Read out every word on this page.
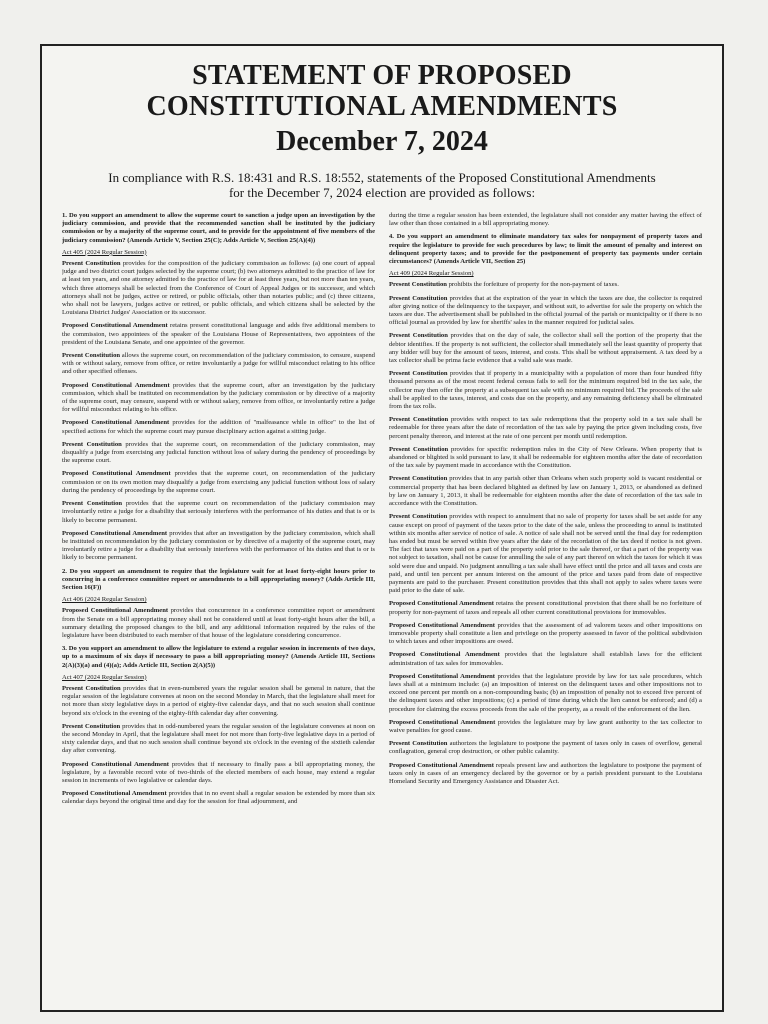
STATEMENT OF PROPOSED
CONSTITUTIONAL AMENDMENTS
December 7, 2024
In compliance with R.S. 18:431 and R.S. 18:552, statements of the Proposed Constitutional Amendments
for the December 7, 2024 election are provided as follows:
1. Do you support an amendment to allow the supreme court to sanction a judge upon an investigation by the judiciary commission, and provide that the recommended sanction shall be instituted by the judiciary commission or by a majority of the supreme court, and to provide for the appointment of five members of the judiciary commission? (Amends Article V, Section 25(C); Adds Article V, Section 25(A)(4))
Act 405 (2024 Regular Session)
Present Constitution provides for the composition of the judiciary commission as follows: (a) one court of appeal judge and two district court judges selected by the supreme court; (b) two attorneys admitted to the practice of law for at least ten years, and one attorney admitted to the practice of law for at least three years, but not more than ten years, which three attorneys shall be selected from the Conference of Court of Appeal Judges or its successor, and which attorneys shall not be judges, active or retired, or public officials, other than notaries public; and (c) three citizens, who shall not be lawyers, judges active or retired, or public officials, and which citizens shall be selected by the Louisiana District Judges' Association or its successor.
Proposed Constitutional Amendment retains present constitutional language and adds five additional members to the commission, two appointees of the speaker of the Louisiana House of Representatives, two appointees of the president of the Louisiana Senate, and one appointee of the governor.
Present Constitution allows the supreme court, on recommendation of the judiciary commission, to censure, suspend with or without salary, remove from office, or retire involuntarily a judge for willful misconduct relating to his office and other specified offenses.
Proposed Constitutional Amendment provides that the supreme court, after an investigation by the judiciary commission, which shall be instituted on recommendation by the judiciary commission or by directive of a majority of the supreme court, may censure, suspend with or without salary, remove from office, or involuntarily retire a judge for willful misconduct relating to his office.
Proposed Constitutional Amendment provides for the addition of "malfeasance while in office" to the list of specified actions for which the supreme court may pursue disciplinary action against a sitting judge.
Present Constitution provides that the supreme court, on recommendation of the judiciary commission, may disqualify a judge from exercising any judicial function without loss of salary during the pendency of proceedings by the supreme court.
Proposed Constitutional Amendment provides that the supreme court, on recommendation of the judiciary commission or on its own motion may disqualify a judge from exercising any judicial function without loss of salary during the pendency of proceedings by the supreme court.
Present Constitution provides that the supreme court on recommendation of the judiciary commission may involuntarily retire a judge for a disability that seriously interferes with the performance of his duties and that is or is likely to become permanent.
Proposed Constitutional Amendment provides that after an investigation by the judiciary commission, which shall be instituted on recommendation by the judiciary commission or by directive of a majority of the supreme court, may involuntarily retire a judge for a disability that seriously interferes with the performance of his duties and that is or is likely to become permanent.
2. Do you support an amendment to require that the legislature wait for at least forty-eight hours prior to concurring in a conference committee report or amendments to a bill appropriating money? (Adds Article III, Section 16(F))
Act 406 (2024 Regular Session)
Proposed Constitutional Amendment provides that concurrence in a conference committee report or amendment from the Senate on a bill appropriating money shall not be considered until at least forty-eight hours after the bill, a summary detailing the proposed changes to the bill, and any additional information required by the rules of the legislature have been distributed to each member of that house of the legislature considering concurrence.
3. Do you support an amendment to allow the legislature to extend a regular session in increments of two days, up to a maximum of six days if necessary to pass a bill appropriating money? (Amends Article III, Sections 2(A)(3)(a) and (4)(a); Adds Article III, Section 2(A)(5))
Act 407 (2024 Regular Session)
Present Constitution provides that in even-numbered years the regular session shall be general in nature, that the regular session of the legislature convenes at noon on the second Monday in March, that the legislature shall meet for not more than sixty legislative days in a period of eighty-five calendar days, and that no such session shall continue beyond six o'clock in the evening of the eighty-fifth calendar day after convening.
Present Constitution provides that in odd-numbered years the regular session of the legislature convenes at noon on the second Monday in April, that the legislature shall meet for not more than forty-five legislative days in a period of sixty calendar days, and that no such session shall continue beyond six o'clock in the evening of the sixtieth calendar day after convening.
Proposed Constitutional Amendment provides that if necessary to finally pass a bill appropriating money, the legislature, by a favorable record vote of two-thirds of the elected members of each house, may extend a regular session in increments of two legislative or calendar days.
Proposed Constitutional Amendment provides that in no event shall a regular session be extended by more than six calendar days beyond the original time and day for the session for final adjournment, and
during the time a regular session has been extended, the legislature shall not consider any matter having the effect of law other than those contained in a bill appropriating money.
4. Do you support an amendment to eliminate mandatory tax sales for nonpayment of property taxes and require the legislature to provide for such procedures by law; to limit the amount of penalty and interest on delinquent property taxes; and to provide for the postponement of property tax payments under certain circumstances? (Amends Article VII, Section 25)
Act 409 (2024 Regular Session)
Present Constitution prohibits the forfeiture of property for the non-payment of taxes.
Present Constitution provides that at the expiration of the year in which the taxes are due, the collector is required after giving notice of the delinquency to the taxpayer, and without suit, to advertise for sale the property on which the taxes are due. The advertisement shall be published in the official journal of the parish or municipality or if there is no official journal as provided by law for sheriffs' sales in the manner required for judicial sales.
Present Constitution provides that on the day of sale, the collector shall sell the portion of the property that the debtor identifies. If the property is not sufficient, the collector shall immediately sell the least quantity of property that any bidder will buy for the amount of taxes, interest, and costs. This shall be without appraisement. A tax deed by a tax collector shall be prima facie evidence that a valid sale was made.
Present Constitution provides that if property in a municipality with a population of more than four hundred fifty thousand persons as of the most recent federal census fails to sell for the minimum required bid in the tax sale, the collector may then offer the property at a subsequent tax sale with no minimum required bid. The proceeds of the sale shall be applied to the taxes, interest, and costs due on the property, and any remaining deficiency shall be eliminated from the tax rolls.
Present Constitution provides with respect to tax sale redemptions that the property sold in a tax sale shall be redeemable for three years after the date of recordation of the tax sale by paying the price given including costs, five percent penalty thereon, and interest at the rate of one percent per month until redemption.
Present Constitution provides for specific redemption rules in the City of New Orleans. When property that is abandoned or blighted is sold pursuant to law, it shall be redeemable for eighteen months after the date of recordation of the tax sale by payment made in accordance with the Constitution.
Present Constitution provides that in any parish other than Orleans when such property sold is vacant residential or commercial property that has been declared blighted as defined by law on January 1, 2013, or abandoned as defined by law on January 1, 2013, it shall be redeemable for eighteen months after the date of recordation of the tax sale in accordance with the Constitution.
Present Constitution provides with respect to annulment that no sale of property for taxes shall be set aside for any cause except on proof of payment of the taxes prior to the date of the sale, unless the proceeding to annul is instituted within six months after service of notice of sale. A notice of sale shall not be served until the final day for redemption has ended but must be served within five years after the date of the recordation of the tax deed if notice is not given. The fact that taxes were paid on a part of the property sold prior to the sale thereof, or that a part of the property was not subject to taxation, shall not be cause for annulling the sale of any part thereof on which the taxes for which it was sold were due and unpaid. No judgment annulling a tax sale shall have effect until the price and all taxes and costs are paid, and until ten percent per annum interest on the amount of the price and taxes paid from date of respective payments are paid to the purchaser. Present constitution provides that this shall not apply to sales where taxes were paid prior to the date of sale.
Proposed Constitutional Amendment retains the present constitutional provision that there shall be no forfeiture of property for non-payment of taxes and repeals all other current constitutional provisions for immovables.
Proposed Constitutional Amendment provides that the assessment of ad valorem taxes and other impositions on immovable property shall constitute a lien and privilege on the property assessed in favor of the political subdivision to which taxes and other impositions are owed.
Proposed Constitutional Amendment provides that the legislature shall establish laws for the efficient administration of tax sales for immovables.
Proposed Constitutional Amendment provides that the legislature provide by law for tax sale procedures, which laws shall at a minimum include: (a) an imposition of interest on the delinquent taxes and other impositions not to exceed one percent per month on a non-compounding basis; (b) an imposition of penalty not to exceed five percent of the delinquent taxes and other impositions; (c) a period of time during which the lien cannot be enforced; and (d) a procedure for claiming the excess proceeds from the sale of the property, as a result of the enforcement of the lien.
Proposed Constitutional Amendment provides the legislature may by law grant authority to the tax collector to waive penalties for good cause.
Present Constitution authorizes the legislature to postpone the payment of taxes only in cases of overflow, general conflagration, general crop destruction, or other public calamity.
Proposed Constitutional Amendment repeals present law and authorizes the legislature to postpone the payment of taxes only in cases of an emergency declared by the governor or by a parish president pursuant to the Louisiana Homeland Security and Emergency Assistance and Disaster Act.
